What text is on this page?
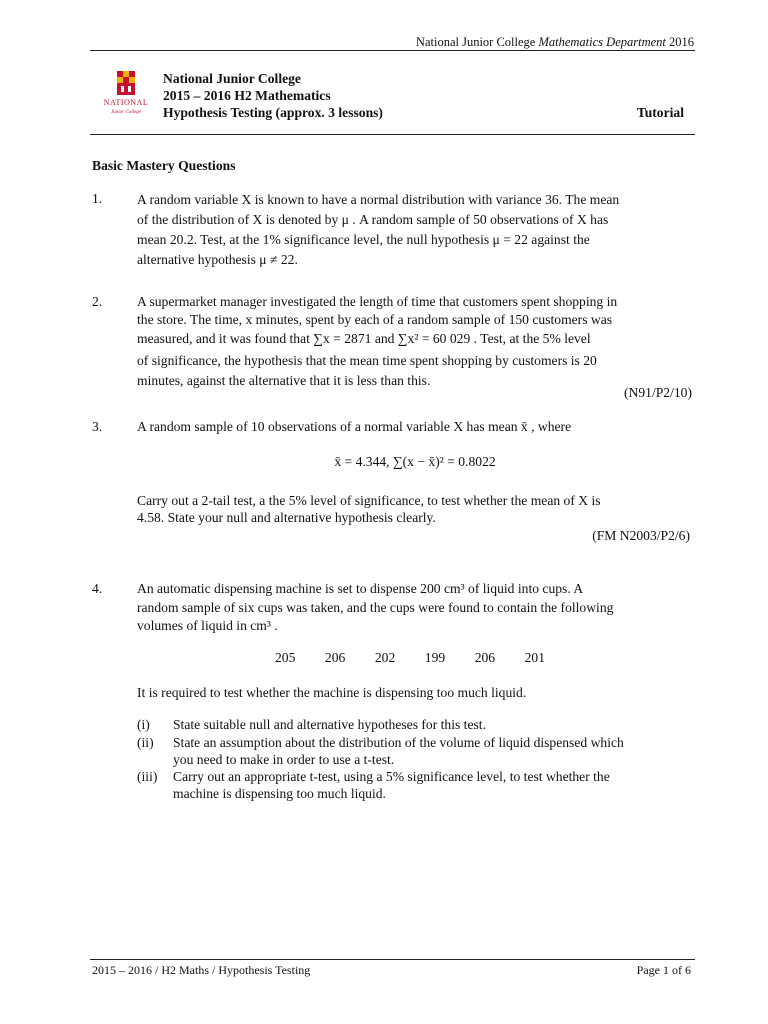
National Junior College Mathematics Department 2016
NATIONAL
Junior College
National Junior College
2015 – 2016 H2 Mathematics
Hypothesis Testing (approx. 3 lessons)	Tutorial
Basic Mastery Questions
1.	A random variable X is known to have a normal distribution with variance 36. The mean

of the distribution of X is denoted by μ . A random sample of 50 observations of X has

mean 20.2. Test, at the 1% significance level, the null hypothesis μ = 22 against the

alternative hypothesis μ ≠ 22.

2.	A supermarket manager investigated the length of time that customers spent shopping in

the store. The time, x minutes, spent by each of a random sample of 150 customers was

measured, and it was found that ∑x = 2871 and ∑x² = 60 029 . Test, at the 5% level

of significance, the hypothesis that the mean time spent shopping by customers is 20

minutes, against the alternative that it is less than this.

(N91/P2/10)
3.	A random sample of 10 observations of a normal variable X has mean x̄ , where
x̄ = 4.344, ∑(x − x̄)² = 0.8022

Carry out a 2-tail test, a the 5% level of significance, to test whether the mean of X is

4.58. State your null and alternative hypothesis clearly.

(FM N2003/P2/6)
4.	An automatic dispensing machine is set to dispense 200 cm³ of liquid into cups. A

random sample of six cups was taken, and the cups were found to contain the following

volumes of liquid in cm³ .

205 206 202 199 206 201
It is required to test whether the machine is dispensing too much liquid.
(i) State suitable null and alternative hypotheses for this test.
(ii) State an assumption about the distribution of the volume of liquid dispensed which
you need to make in order to use a t-test.
(iii) Carry out an appropriate t-test, using a 5% significance level, to test whether the
machine is dispensing too much liquid.
2015 – 2016 / H2 Maths / Hypothesis Testing	Page 1 of 6
